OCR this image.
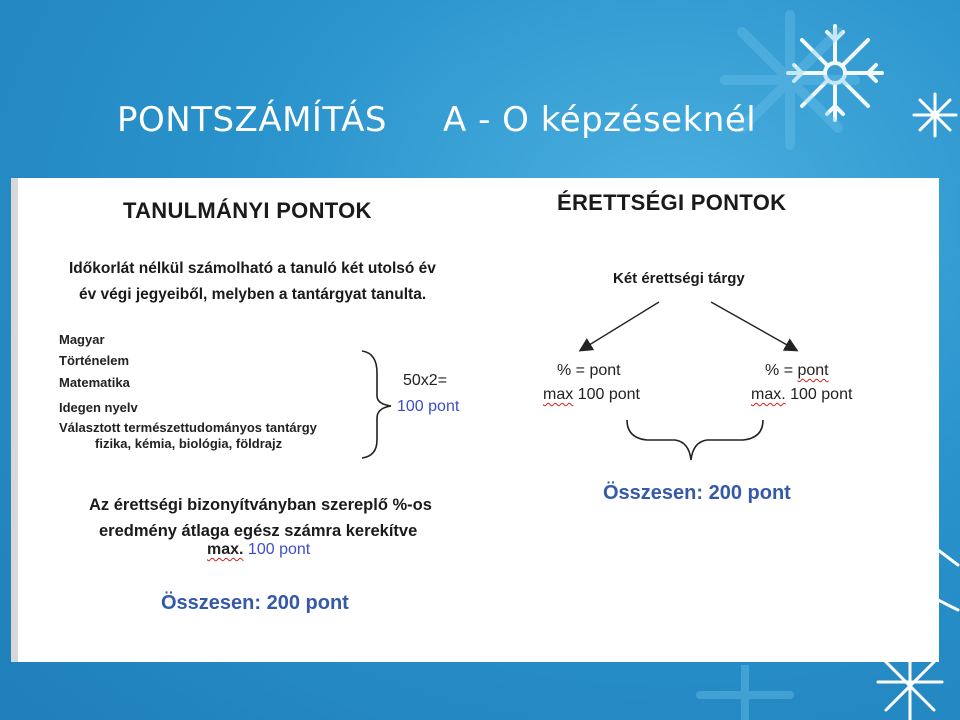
PONTSZÁMÍTÁS A - O képzéseknél
TANULMÁNYI PONTOK
Időkorlát nélkül számolható a tanuló két utolsó év
év végi jegyeiből, melyben a tantárgyat tanulta.
Magyar
Történelem
Matematika
Idegen nyelv
Választott természettudományos tantárgy
fizika, kémia, biológia, földrajz
50x2=
100 pont
Az érettségi bizonyítványban szereplő %-os
eredmény átlaga egész számra kerekítve
max. 100 pont
Összesen: 200 pont
ÉRETTSÉGI PONTOK
Két érettségi tárgy
% = pont
max 100 pont
% = pont
max. 100 pont
Összesen: 200 pont
